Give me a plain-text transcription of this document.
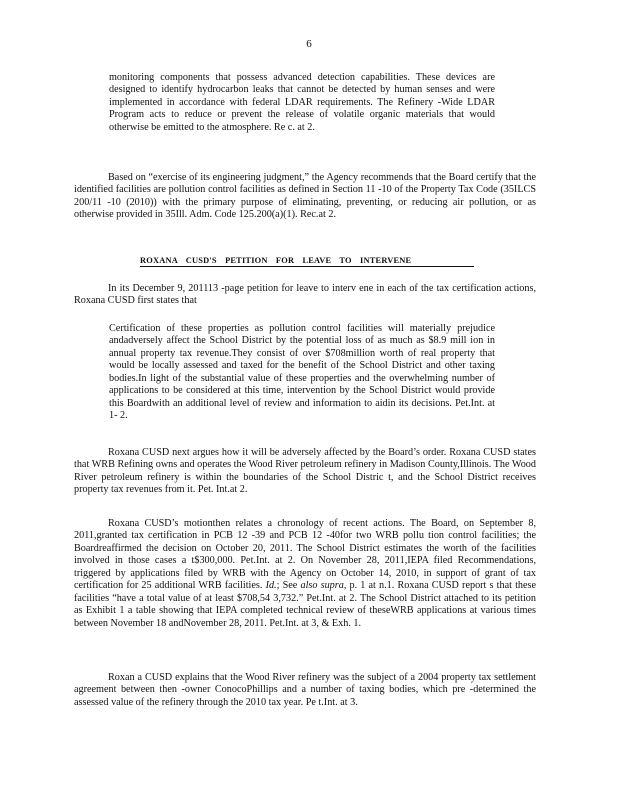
6
monitoring components that possess advanced detection capabilities. These devices are designed to identify hydrocarbon leaks that cannot be detected by human senses and were implemented in accordance with federal LDAR requirements. The Refinery -Wide LDAR Program acts to reduce or prevent the release of volatile organic materials that would otherwise be emitted to the atmosphere. Re c. at 2.
Based on “exercise of its engineering judgment,” the Agency recommends that the Board certify that the identified facilities are pollution control facilities as defined in Section 11 -10 of the Property Tax Code (35ILCS 200/11 -10 (2010)) with the primary purpose of eliminating, preventing, or reducing air pollution, or as otherwise provided in 35Ill. Adm. Code 125.200(a)(1). Rec.at 2.
ROXANA CUSD'S PETITION FOR LEAVE TO INTERVENE
In its December 9, 201113 -page petition for leave to interv ene in each of the tax certification actions, Roxana CUSD first states that
Certification of these properties as pollution control facilities will materially prejudice andadversely affect the School District by the potential loss of as much as $8.9 mill ion in annual property tax revenue.They consist of over $708million worth of real property that would be locally assessed and taxed for the benefit of the School District and other taxing bodies.In light of the substantial value of these properties and the overwhelming number of applications to be considered at this time, intervention by the School District would provide this Boardwith an additional level of review and information to aidin its decisions. Pet.Int. at 1- 2.
Roxana CUSD next argues how it will be adversely affected by the Board’s order. Roxana CUSD states that WRB Refining owns and operates the Wood River petroleum refinery in Madison County,Illinois. The Wood River petroleum refinery is within the boundaries of the School Distric t, and the School District receives property tax revenues from it. Pet. Int.at 2.
Roxana CUSD’s motionthen relates a chronology of recent actions. The Board, on September 8, 2011,granted tax certification in PCB 12 -39 and PCB 12 -40for two WRB pollu tion control facilities; the Boardreaffirmed the decision on October 20, 2011. The School District estimates the worth of the facilities involved in those cases a t$300,000. Pet.Int. at 2. On November 28, 2011,IEPA filed Recommendations, triggered by applications filed by WRB with the Agency on October 14, 2010, in support of grant of tax certification for 25 additional WRB facilities. Id.; See also supra, p. 1 at n.1. Roxana CUSD report s that these facilities “have a total value of at least $708,54 3,732.” Pet.Int. at 2. The School District attached to its petition as Exhibit 1 a table showing that IEPA completed technical review of theseWRB applications at various times between November 18 andNovember 28, 2011. Pet.Int. at 3, & Exh. 1.
Roxan a CUSD explains that the Wood River refinery was the subject of a 2004 property tax settlement agreement between then -owner ConocoPhillips and a number of taxing bodies, which pre -determined the assessed value of the refinery through the 2010 tax year. Pe t.Int. at 3.
